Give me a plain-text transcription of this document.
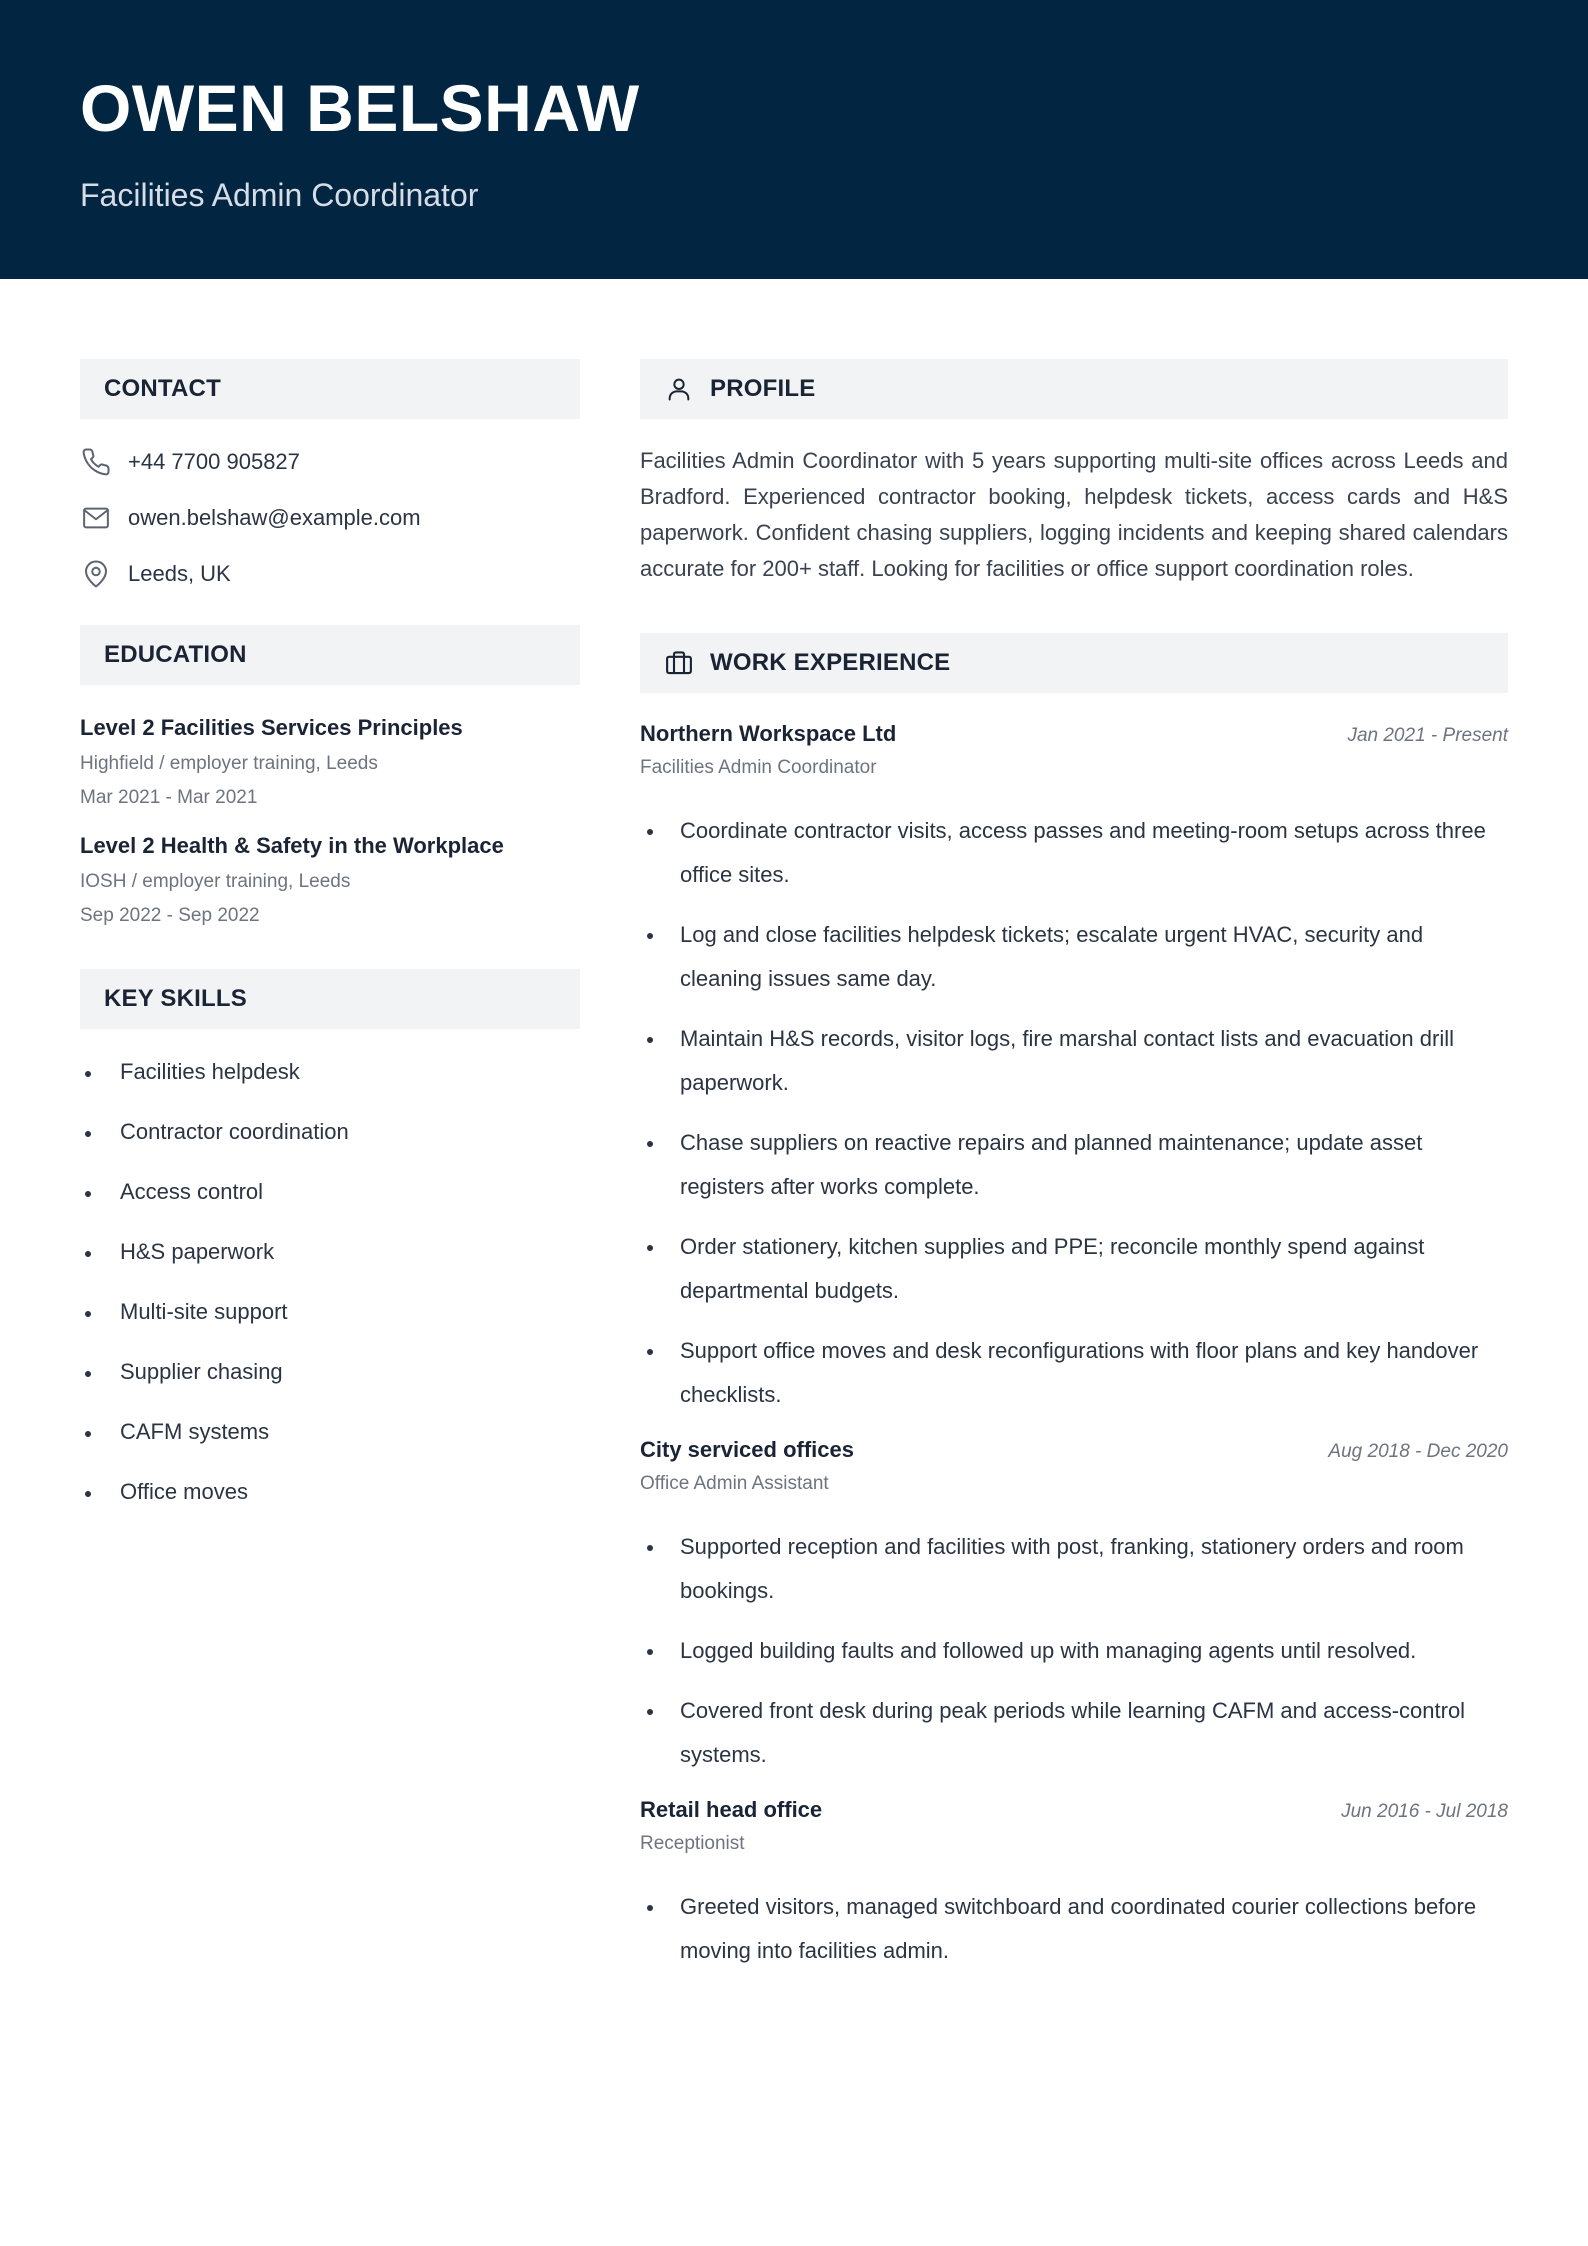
OWEN BELSHAW
Facilities Admin Coordinator
CONTACT
+44 7700 905827
owen.belshaw@example.com
Leeds, UK
EDUCATION
Level 2 Facilities Services Principles
Highfield / employer training, Leeds
Mar 2021 - Mar 2021
Level 2 Health & Safety in the Workplace
IOSH / employer training, Leeds
Sep 2022 - Sep 2022
KEY SKILLS
Facilities helpdesk
Contractor coordination
Access control
H&S paperwork
Multi-site support
Supplier chasing
CAFM systems
Office moves
PROFILE

Facilities Admin Coordinator with 5 years supporting multi-site offices across Leeds and Bradford. Experienced contractor booking, helpdesk tickets, access cards and H&S paperwork. Confident chasing suppliers, logging incidents and keeping shared calendars accurate for 200+ staff. Looking for facilities or office support coordination roles.

WORK EXPERIENCE
Northern Workspace Ltd	Jan 2021 - Present
Facilities Admin Coordinator
Coordinate contractor visits, access passes and meeting-room setups across three office sites.
Log and close facilities helpdesk tickets; escalate urgent HVAC, security and cleaning issues same day.
Maintain H&S records, visitor logs, fire marshal contact lists and evacuation drill paperwork.
Chase suppliers on reactive repairs and planned maintenance; update asset registers after works complete.
Order stationery, kitchen supplies and PPE; reconcile monthly spend against departmental budgets.
Support office moves and desk reconfigurations with floor plans and key handover checklists.
City serviced offices	Aug 2018 - Dec 2020
Office Admin Assistant
Supported reception and facilities with post, franking, stationery orders and room bookings.
Logged building faults and followed up with managing agents until resolved.
Covered front desk during peak periods while learning CAFM and access-control systems.
Retail head office	Jun 2016 - Jul 2018
Receptionist
Greeted visitors, managed switchboard and coordinated courier collections before moving into facilities admin.
